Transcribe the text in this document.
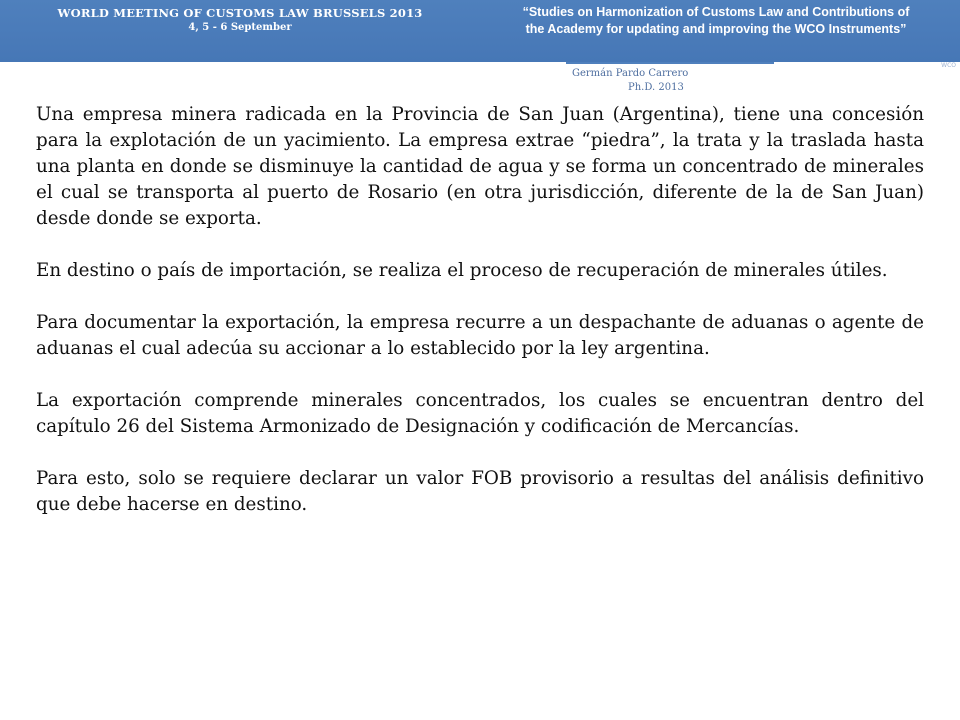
WORLD MEETING OF CUSTOMS LAW BRUSSELS 2013
4, 5 - 6 September
“Studies on Harmonization of Customs Law and Contributions of
the Academy for updating and improving the WCO Instruments”
WCO
Germán Pardo Carrero
Ph.D. 2013

Una empresa minera radicada en la Provincia de San Juan (Argentina), tiene una concesión para la explotación de un yacimiento. La empresa extrae “piedra”, la trata y la traslada hasta una planta en donde se disminuye la cantidad de agua y se forma un concentrado de minerales el cual se transporta al puerto de Rosario (en otra jurisdicción, diferente de la de San Juan) desde donde se exporta.

En destino o país de importación, se realiza el proceso de recuperación de minerales útiles.

Para documentar la exportación, la empresa recurre a un despachante de aduanas o agente de aduanas el cual adecúa su accionar a lo establecido por la ley argentina.

La exportación comprende minerales concentrados, los cuales se encuentran dentro del capítulo 26 del Sistema Armonizado de Designación y codificación de Mercancías.

Para esto, solo se requiere declarar un valor FOB provisorio a resultas del análisis definitivo que debe hacerse en destino.
